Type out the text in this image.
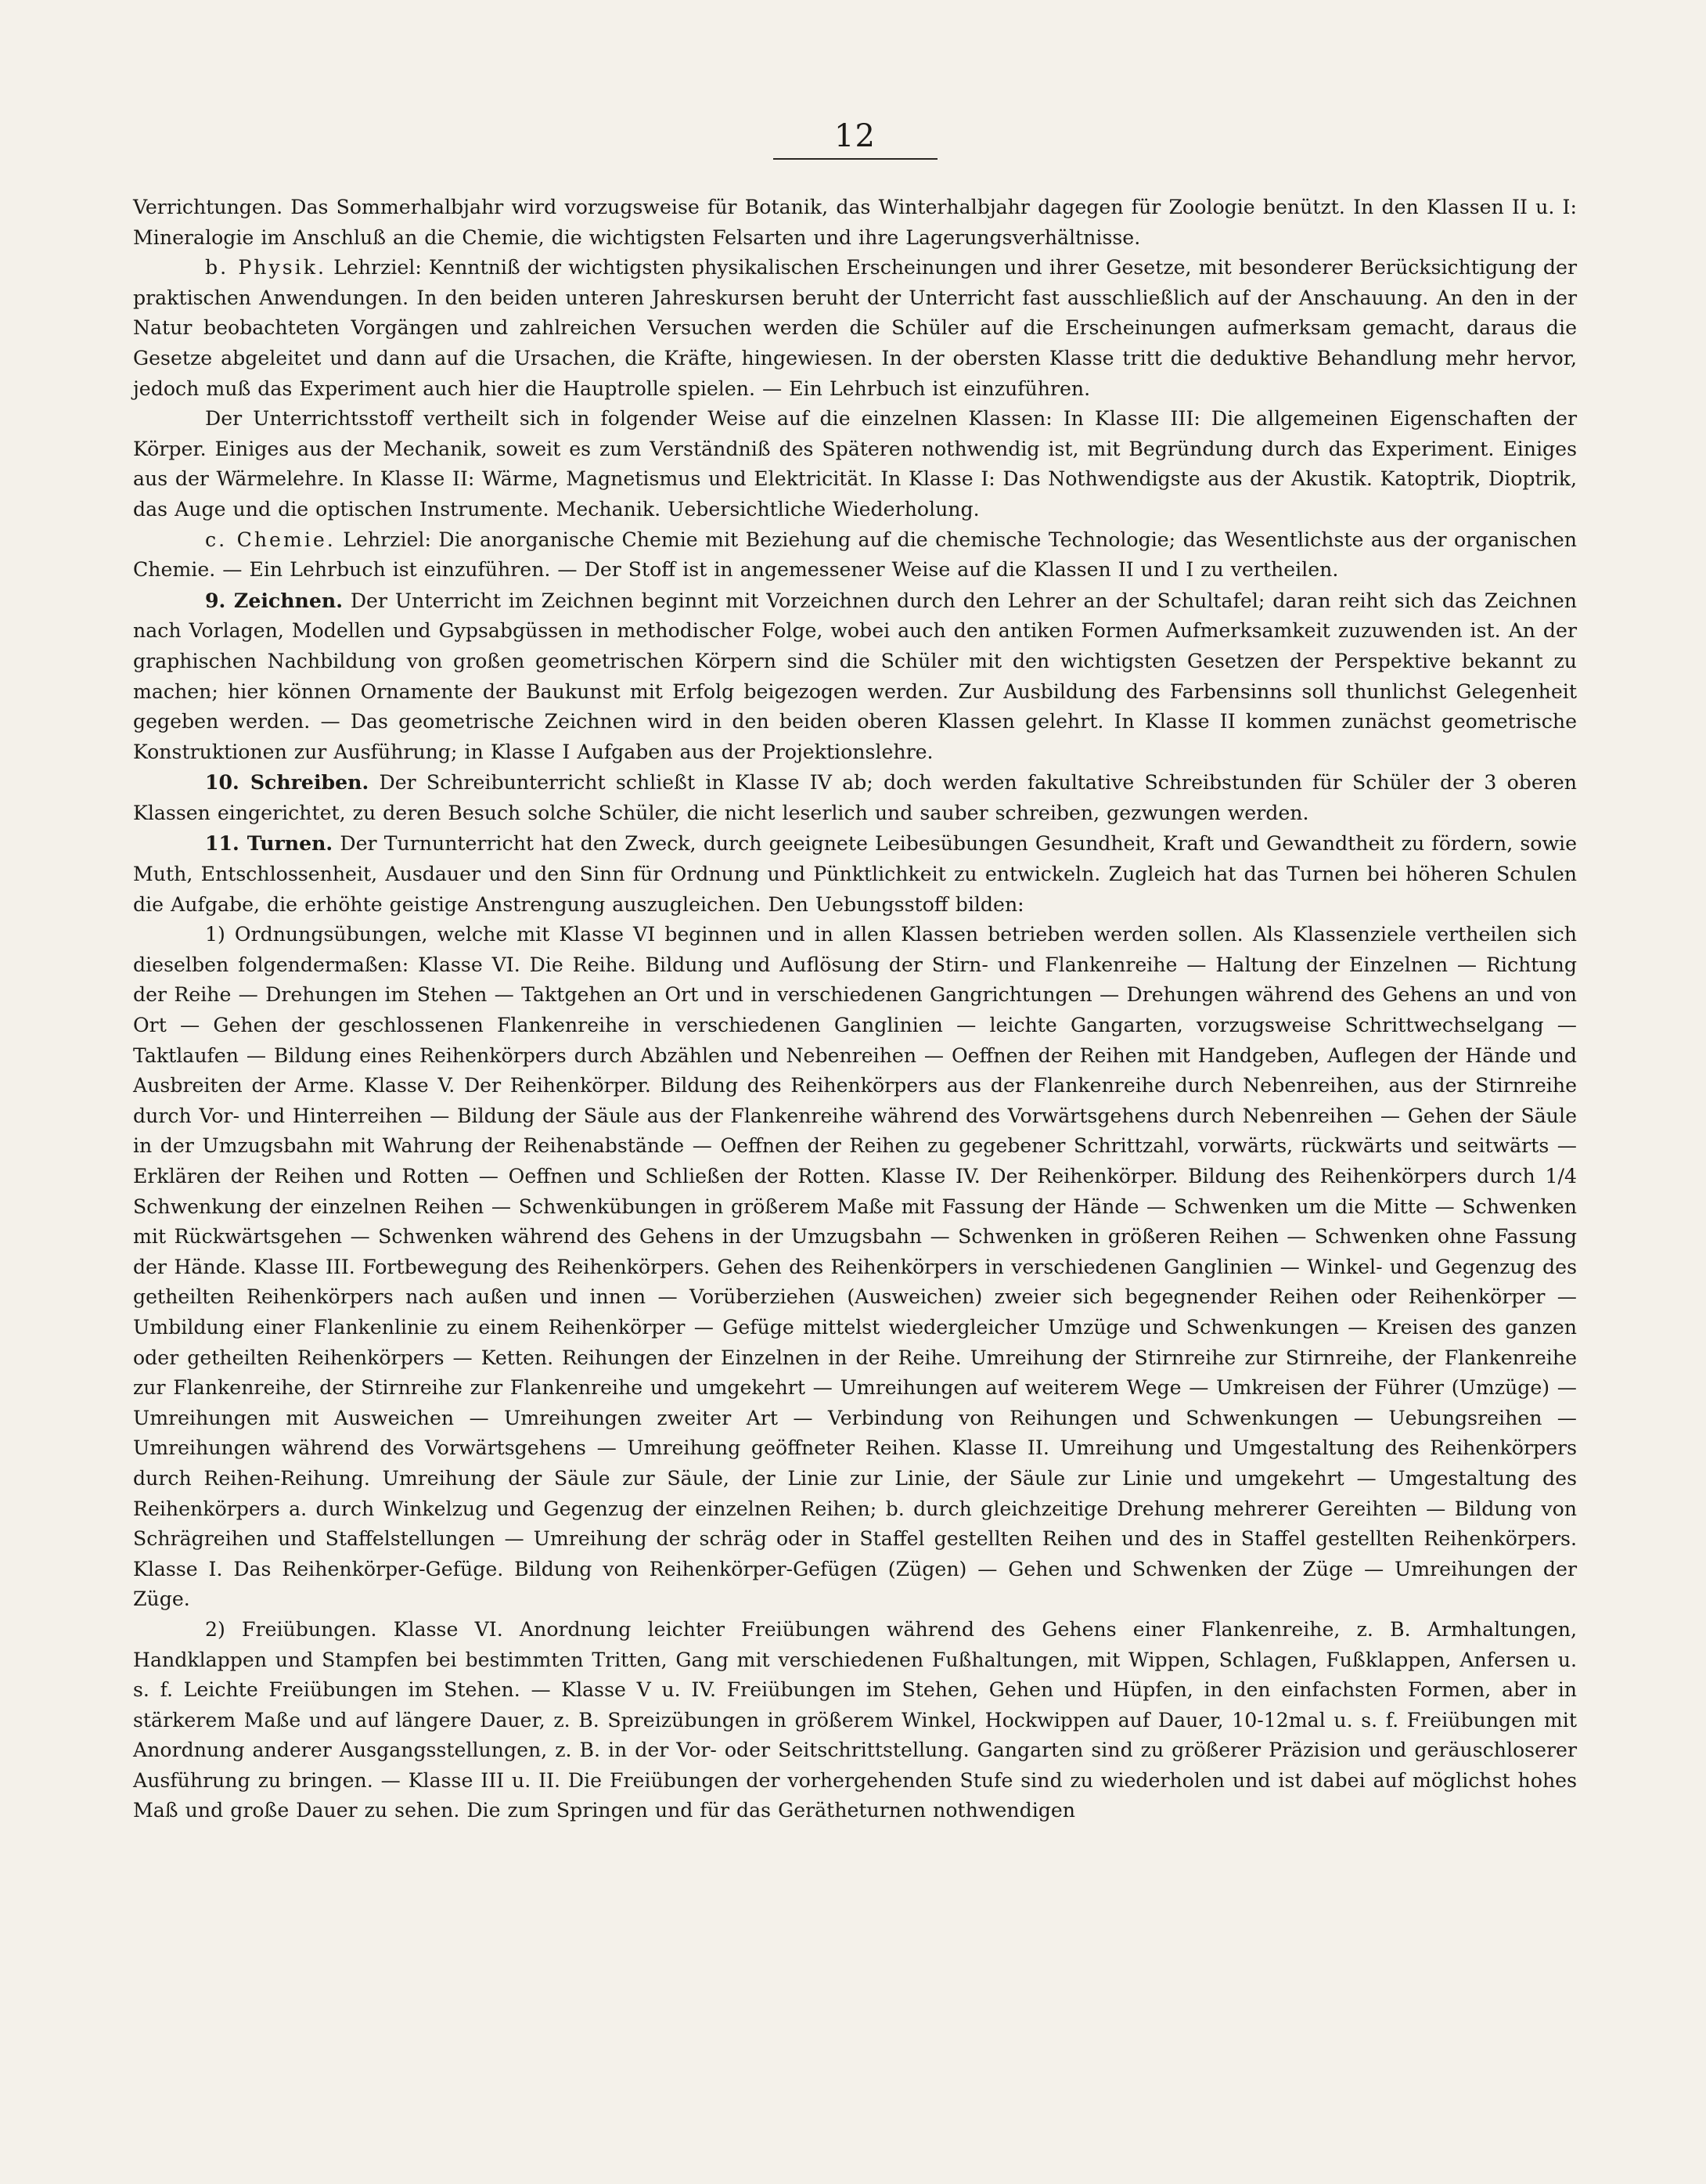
12

Verrichtungen. Das Sommerhalbjahr wird vorzugsweise für Botanik, das Winterhalbjahr dagegen für Zoologie benützt. In den Klassen II u. I: Mineralogie im Anschluß an die Chemie, die wichtigsten Felsarten und ihre Lagerungsverhältnisse.

b. Physik. Lehrziel: Kenntniß der wichtigsten physikalischen Erscheinungen und ihrer Gesetze, mit besonderer Berücksichtigung der praktischen Anwendungen. In den beiden unteren Jahreskursen beruht der Unterricht fast ausschließlich auf der Anschauung. An den in der Natur beobachteten Vorgängen und zahlreichen Versuchen werden die Schüler auf die Erscheinungen aufmerksam gemacht, daraus die Gesetze abgeleitet und dann auf die Ursachen, die Kräfte, hingewiesen. In der obersten Klasse tritt die deduktive Behandlung mehr hervor, jedoch muß das Experiment auch hier die Hauptrolle spielen. — Ein Lehrbuch ist einzuführen.

Der Unterrichtsstoff vertheilt sich in folgender Weise auf die einzelnen Klassen: In Klasse III: Die allgemeinen Eigenschaften der Körper. Einiges aus der Mechanik, soweit es zum Verständniß des Späteren nothwendig ist, mit Begründung durch das Experiment. Einiges aus der Wärmelehre. In Klasse II: Wärme, Magnetismus und Elektricität. In Klasse I: Das Nothwendigste aus der Akustik. Katoptrik, Dioptrik, das Auge und die optischen Instrumente. Mechanik. Uebersichtliche Wiederholung.

c. Chemie. Lehrziel: Die anorganische Chemie mit Beziehung auf die chemische Technologie; das Wesentlichste aus der organischen Chemie. — Ein Lehrbuch ist einzuführen. — Der Stoff ist in angemessener Weise auf die Klassen II und I zu vertheilen.

9. Zeichnen. Der Unterricht im Zeichnen beginnt mit Vorzeichnen durch den Lehrer an der Schultafel; daran reiht sich das Zeichnen nach Vorlagen, Modellen und Gypsabgüssen in methodischer Folge, wobei auch den antiken Formen Aufmerksamkeit zuzuwenden ist. An der graphischen Nachbildung von großen geometrischen Körpern sind die Schüler mit den wichtigsten Gesetzen der Perspektive bekannt zu machen; hier können Ornamente der Baukunst mit Erfolg beigezogen werden. Zur Ausbildung des Farbensinns soll thunlichst Gelegenheit gegeben werden. — Das geometrische Zeichnen wird in den beiden oberen Klassen gelehrt. In Klasse II kommen zunächst geometrische Konstruktionen zur Ausführung; in Klasse I Aufgaben aus der Projektionslehre.

10. Schreiben. Der Schreibunterricht schließt in Klasse IV ab; doch werden fakultative Schreibstunden für Schüler der 3 oberen Klassen eingerichtet, zu deren Besuch solche Schüler, die nicht leserlich und sauber schreiben, gezwungen werden.

11. Turnen. Der Turnunterricht hat den Zweck, durch geeignete Leibesübungen Gesundheit, Kraft und Gewandtheit zu fördern, sowie Muth, Entschlossenheit, Ausdauer und den Sinn für Ordnung und Pünktlichkeit zu entwickeln. Zugleich hat das Turnen bei höheren Schulen die Aufgabe, die erhöhte geistige Anstrengung auszugleichen. Den Uebungsstoff bilden:

1) Ordnungsübungen, welche mit Klasse VI beginnen und in allen Klassen betrieben werden sollen. Als Klassenziele vertheilen sich dieselben folgendermaßen: Klasse VI. Die Reihe. Bildung und Auflösung der Stirn- und Flankenreihe — Haltung der Einzelnen — Richtung der Reihe — Drehungen im Stehen — Taktgehen an Ort und in verschiedenen Gangrichtungen — Drehungen während des Gehens an und von Ort — Gehen der geschlossenen Flankenreihe in verschiedenen Ganglinien — leichte Gangarten, vorzugsweise Schrittwechselgang — Taktlaufen — Bildung eines Reihenkörpers durch Abzählen und Nebenreihen — Oeffnen der Reihen mit Handgeben, Auflegen der Hände und Ausbreiten der Arme. Klasse V. Der Reihenkörper. Bildung des Reihenkörpers aus der Flankenreihe durch Nebenreihen, aus der Stirnreihe durch Vor- und Hinterreihen — Bildung der Säule aus der Flankenreihe während des Vorwärtsgehens durch Nebenreihen — Gehen der Säule in der Umzugsbahn mit Wahrung der Reihenabstände — Oeffnen der Reihen zu gegebener Schrittzahl, vorwärts, rückwärts und seitwärts — Erklären der Reihen und Rotten — Oeffnen und Schließen der Rotten. Klasse IV. Der Reihenkörper. Bildung des Reihenkörpers durch 1/4 Schwenkung der einzelnen Reihen — Schwenkübungen in größerem Maße mit Fassung der Hände — Schwenken um die Mitte — Schwenken mit Rückwärtsgehen — Schwenken während des Gehens in der Umzugsbahn — Schwenken in größeren Reihen — Schwenken ohne Fassung der Hände. Klasse III. Fortbewegung des Reihenkörpers. Gehen des Reihenkörpers in verschiedenen Ganglinien — Winkel- und Gegenzug des getheilten Reihenkörpers nach außen und innen — Vorüberziehen (Ausweichen) zweier sich begegnender Reihen oder Reihenkörper — Umbildung einer Flankenlinie zu einem Reihenkörper — Gefüge mittelst wiedergleicher Umzüge und Schwenkungen — Kreisen des ganzen oder getheilten Reihenkörpers — Ketten. Reihungen der Einzelnen in der Reihe. Umreihung der Stirnreihe zur Stirnreihe, der Flankenreihe zur Flankenreihe, der Stirnreihe zur Flankenreihe und umgekehrt — Umreihungen auf weiterem Wege — Umkreisen der Führer (Umzüge) — Umreihungen mit Ausweichen — Umreihungen zweiter Art — Verbindung von Reihungen und Schwenkungen — Uebungsreihen — Umreihungen während des Vorwärtsgehens — Umreihung geöffneter Reihen. Klasse II. Umreihung und Umgestaltung des Reihenkörpers durch Reihen-Reihung. Umreihung der Säule zur Säule, der Linie zur Linie, der Säule zur Linie und umgekehrt — Umgestaltung des Reihenkörpers a. durch Winkelzug und Gegenzug der einzelnen Reihen; b. durch gleichzeitige Drehung mehrerer Gereihten — Bildung von Schrägreihen und Staffelstellungen — Umreihung der schräg oder in Staffel gestellten Reihen und des in Staffel gestellten Reihenkörpers. Klasse I. Das Reihenkörper-Gefüge. Bildung von Reihenkörper-Gefügen (Zügen) — Gehen und Schwenken der Züge — Umreihungen der Züge.

2) Freiübungen. Klasse VI. Anordnung leichter Freiübungen während des Gehens einer Flankenreihe, z. B. Armhaltungen, Handklappen und Stampfen bei bestimmten Tritten, Gang mit verschiedenen Fußhaltungen, mit Wippen, Schlagen, Fußklappen, Anfersen u. s. f. Leichte Freiübungen im Stehen. — Klasse V u. IV. Freiübungen im Stehen, Gehen und Hüpfen, in den einfachsten Formen, aber in stärkerem Maße und auf längere Dauer, z. B. Spreizübungen in größerem Winkel, Hockwippen auf Dauer, 10-12mal u. s. f. Freiübungen mit Anordnung anderer Ausgangsstellungen, z. B. in der Vor- oder Seitschrittstellung. Gangarten sind zu größerer Präzision und geräuschloserer Ausführung zu bringen. — Klasse III u. II. Die Freiübungen der vorhergehenden Stufe sind zu wiederholen und ist dabei auf möglichst hohes Maß und große Dauer zu sehen. Die zum Springen und für das Gerätheturnen nothwendigen
